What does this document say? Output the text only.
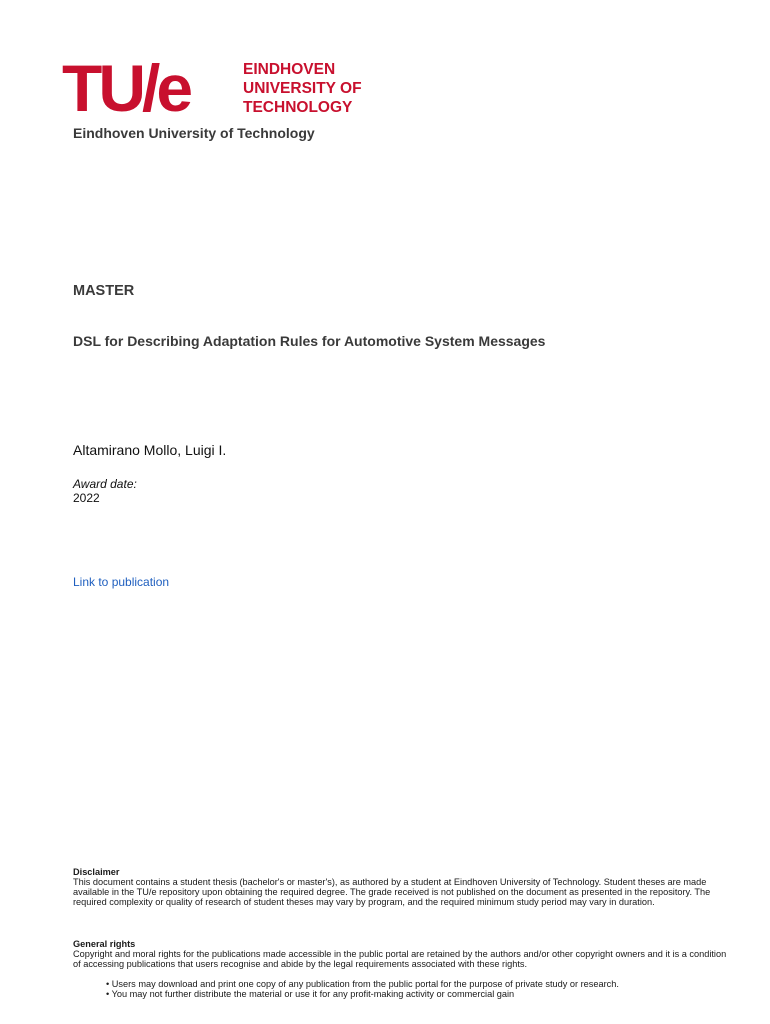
TU/e	EINDHOVEN
UNIVERSITY OF
TECHNOLOGY
Eindhoven University of Technology
MASTER
DSL for Describing Adaptation Rules for Automotive System Messages
Altamirano Mollo, Luigi I.
Award date:
2022
Link to publication
Disclaimer
This document contains a student thesis (bachelor's or master's), as authored by a student at Eindhoven University of Technology. Student theses are made available in the TU/e repository upon obtaining the required degree. The grade received is not published on the document as presented in the repository. The required complexity or quality of research of student theses may vary by program, and the required minimum study period may vary in duration.
General rights
Copyright and moral rights for the publications made accessible in the public portal are retained by the authors and/or other copyright owners and it is a condition of accessing publications that users recognise and abide by the legal requirements associated with these rights.
• Users may download and print one copy of any publication from the public portal for the purpose of private study or research.
• You may not further distribute the material or use it for any profit-making activity or commercial gain
